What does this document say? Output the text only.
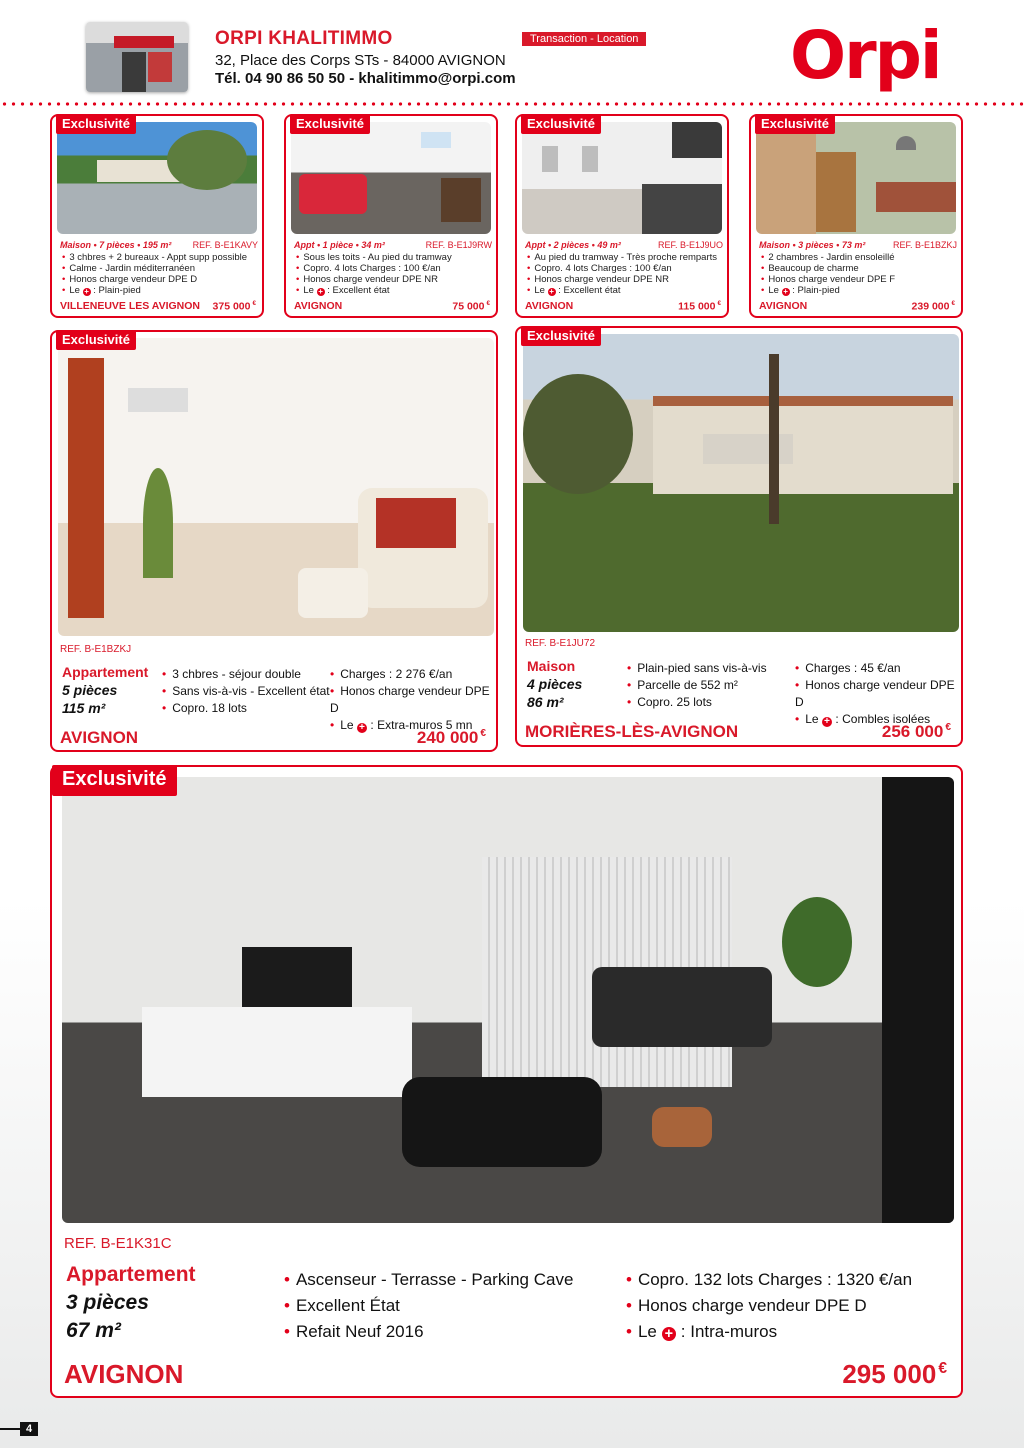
ORPI KHALITIMMO
32, Place des Corps STs - 84000 AVIGNON
Tél. 04 90 86 50 50 - khalitimmo@orpi.com
Transaction - Location Orpi
Exclusivité
Maison • 7 pièces • 195 m² REF. B-E1KAVY
• 3 chbres + 2 bureaux - Appt supp possible
• Calme - Jardin méditerranéen
• Honos charge vendeur DPE D
• Le + : Plain-pied
VILLENEUVE LES AVIGNON 375 000 €
Exclusivité
Appt • 1 pièce • 34 m²	REF. B-E1J9RW
• Sous les toits - Au pied du tramway
• Copro. 4 lots Charges : 100 €/an
• Honos charge vendeur DPE NR
• Le + : Excellent état
AVIGNON	75 000 €
Exclusivité
Appt • 2 pièces • 49 m²	REF. B-E1J9UO
• Au pied du tramway - Très proche remparts
• Copro. 4 lots Charges : 100 €/an
• Honos charge vendeur DPE NR
• Le + : Excellent état
AVIGNON	115 000 €
Exclusivité
Maison • 3 pièces • 73 m²	REF. B-E1BZKJ
• 2 chambres - Jardin ensoleillé
• Beaucoup de charme
• Honos charge vendeur DPE F
• Le + : Plain-pied
AVIGNON	239 000 €
Exclusivité
REF. B-E1BZKJ
Appartement
5 pièces
115 m²
• 3 chbres - séjour double
• Sans vis-à-vis - Excellent état
• Copro. 18 lots
• Charges : 2 276 €/an
• Honos charge vendeur DPE D
• Le + : Extra-muros 5 mn
AVIGNON	240 000 €
Exclusivité
REF. B-E1JU72
Maison
4 pièces
86 m²
• Plain-pied sans vis-à-vis
• Parcelle de 552 m²
• Copro. 25 lots
• Charges : 45 €/an
• Honos charge vendeur DPE D
• Le + : Combles isolées
MORIÈRES-LÈS-AVIGNON	256 000 €
Exclusivité
REF. B-E1K31C
Appartement
3 pièces
67 m²
• Ascenseur - Terrasse - Parking Cave
• Excellent État
• Refait Neuf 2016
• Copro. 132 lots Charges : 1320 €/an
• Honos charge vendeur DPE D
• Le + : Intra-muros
AVIGNON	295 000 €
4
